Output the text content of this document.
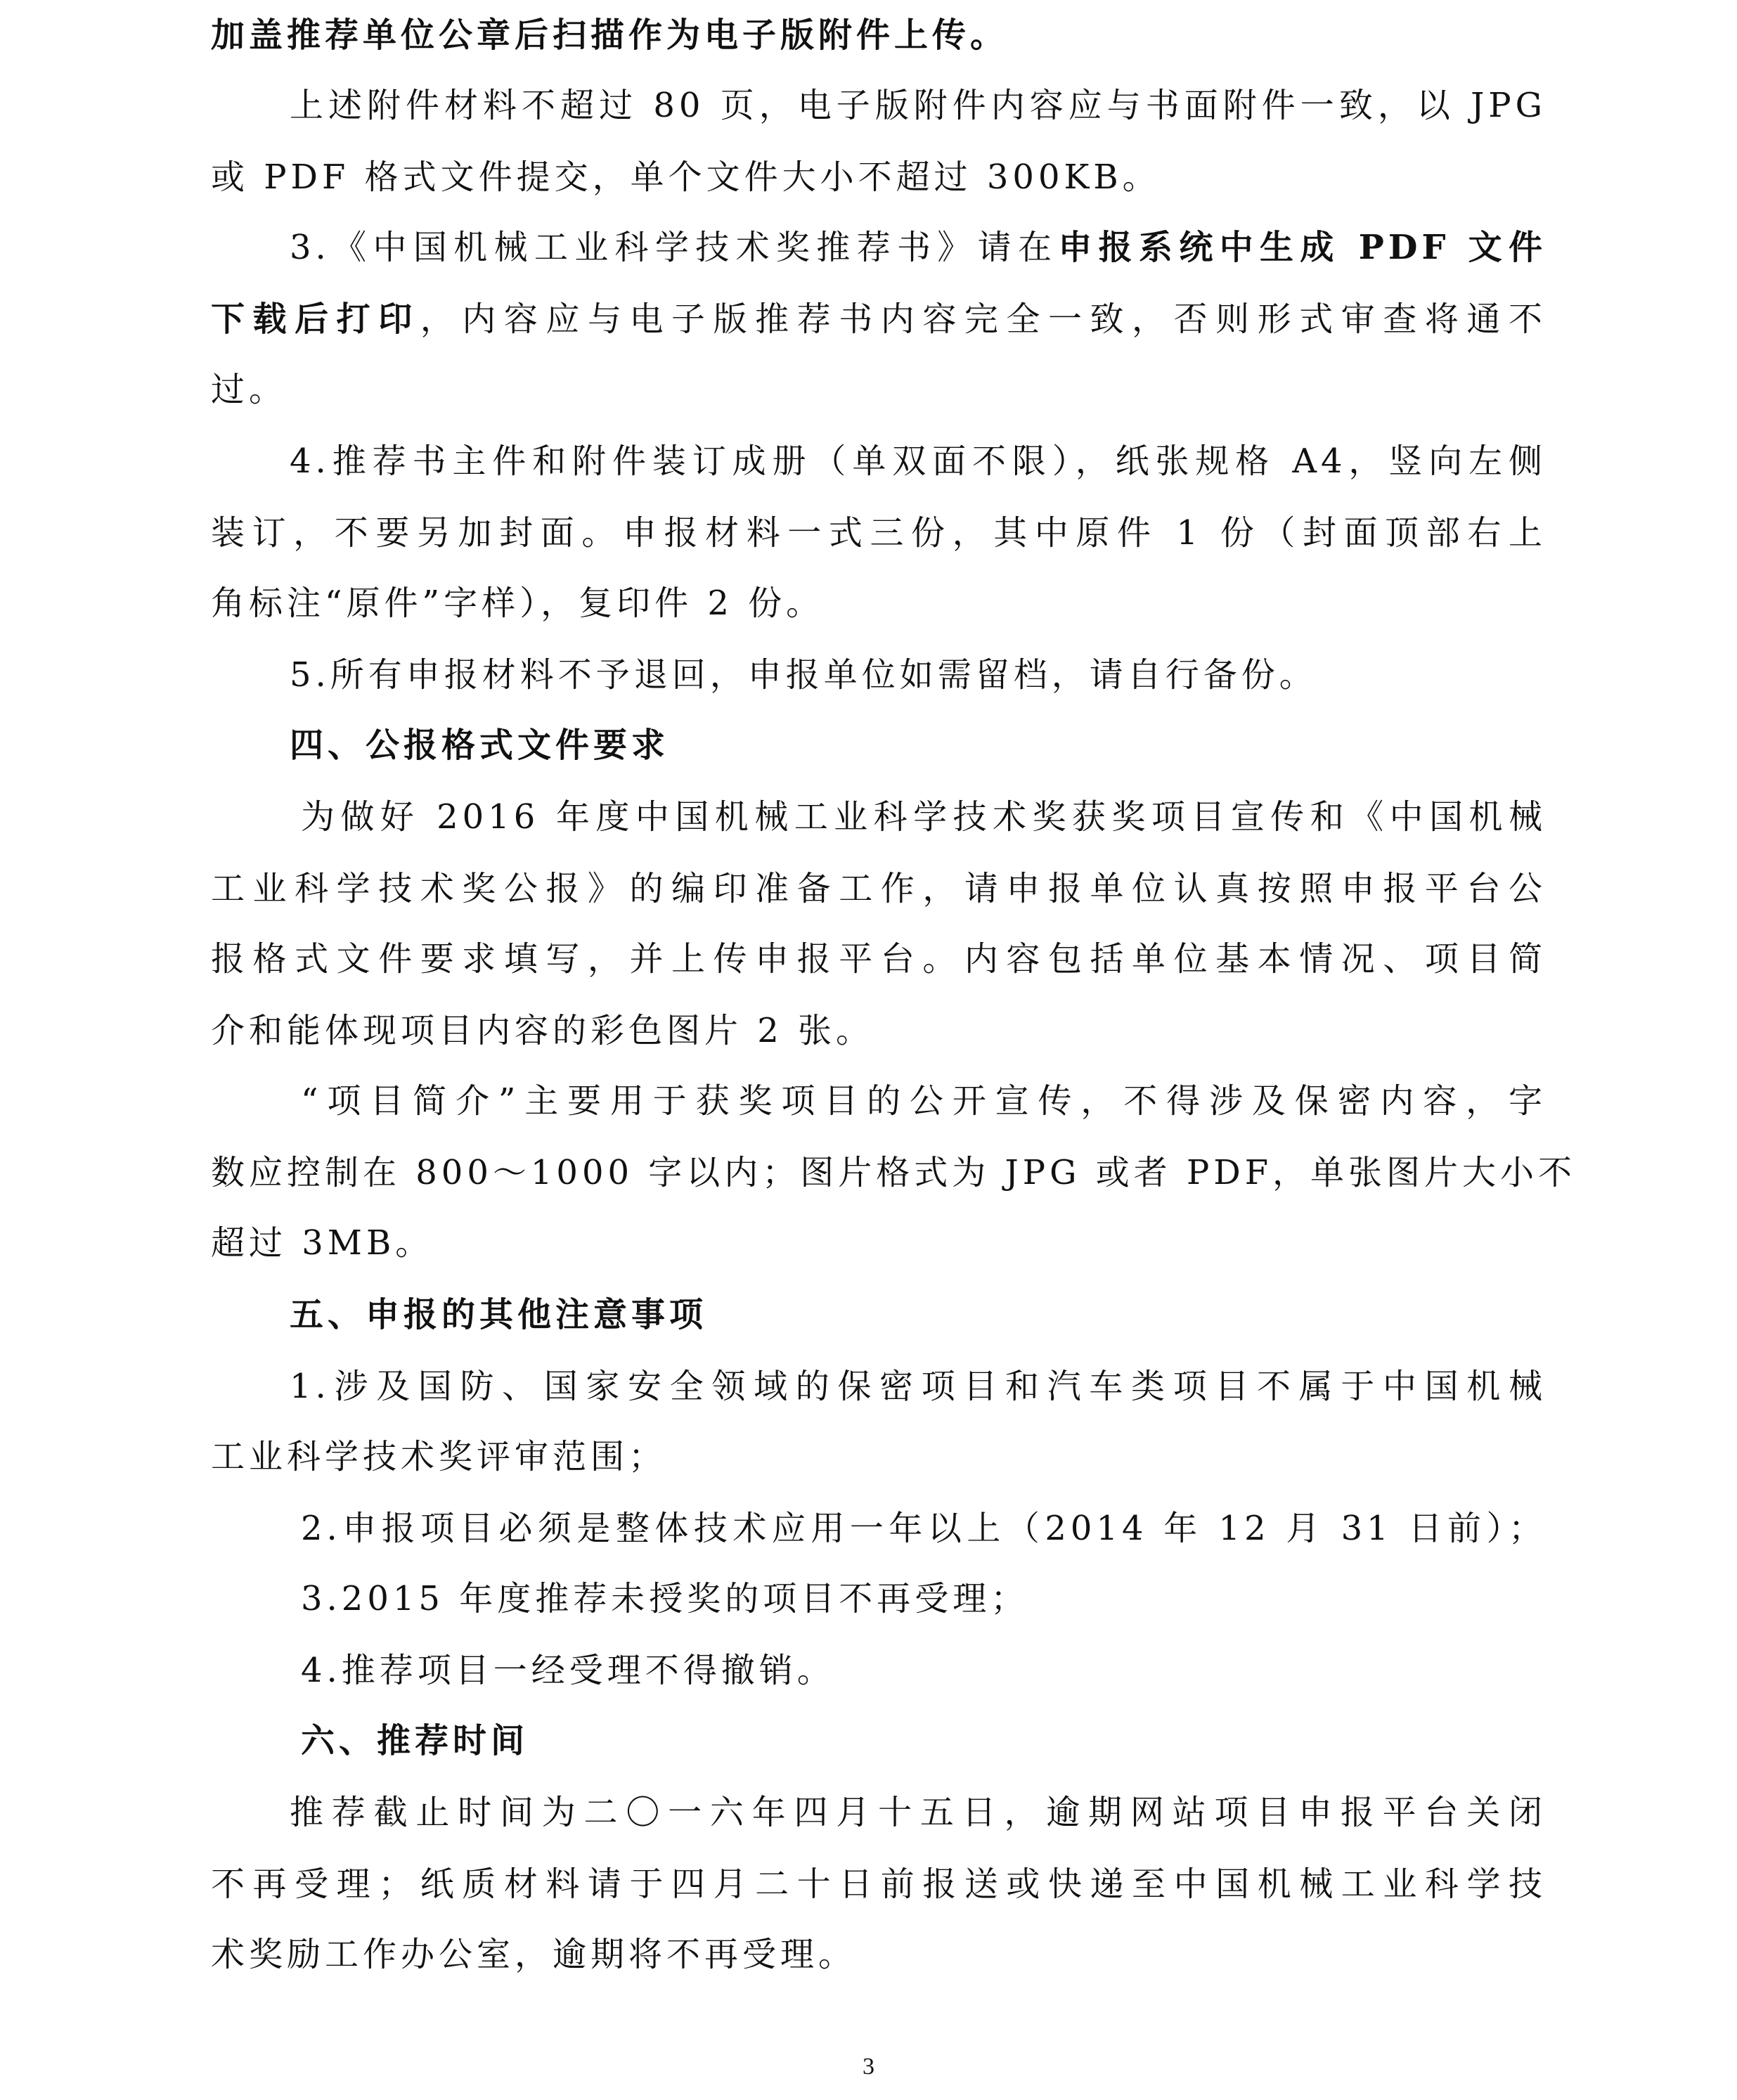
加盖推荐单位公章后扫描作为电子版附件上传。
上述附件材料不超过 80 页，电子版附件内容应与书面附件一致，以 JPG
或 PDF 格式文件提交，单个文件大小不超过 300KB。
3.《中国机械工业科学技术奖推荐书》请在申报系统中生成 PDF 文件
下载后打印，内容应与电子版推荐书内容完全一致，否则形式审查将通不
过。
4.推荐书主件和附件装订成册（单双面不限），纸张规格 A4，竖向左侧
装订，不要另加封面。申报材料一式三份，其中原件 1 份（封面顶部右上
角标注“原件”字样），复印件 2 份。
5.所有申报材料不予退回，申报单位如需留档，请自行备份。
四、公报格式文件要求
为做好 2016 年度中国机械工业科学技术奖获奖项目宣传和《中国机械
工业科学技术奖公报》的编印准备工作，请申报单位认真按照申报平台公
报格式文件要求填写，并上传申报平台。内容包括单位基本情况、项目简
介和能体现项目内容的彩色图片 2 张。
“项目简介”主要用于获奖项目的公开宣传，不得涉及保密内容，字
数应控制在 800～1000 字以内；图片格式为 JPG 或者 PDF，单张图片大小不
超过 3MB。
五、申报的其他注意事项
1.涉及国防、国家安全领域的保密项目和汽车类项目不属于中国机械
工业科学技术奖评审范围；
2.申报项目必须是整体技术应用一年以上（2014 年 12 月 31 日前）；
3.2015 年度推荐未授奖的项目不再受理；
4.推荐项目一经受理不得撤销。
六、推荐时间
推荐截止时间为二〇一六年四月十五日，逾期网站项目申报平台关闭
不再受理；纸质材料请于四月二十日前报送或快递至中国机械工业科学技
术奖励工作办公室，逾期将不再受理。
3
